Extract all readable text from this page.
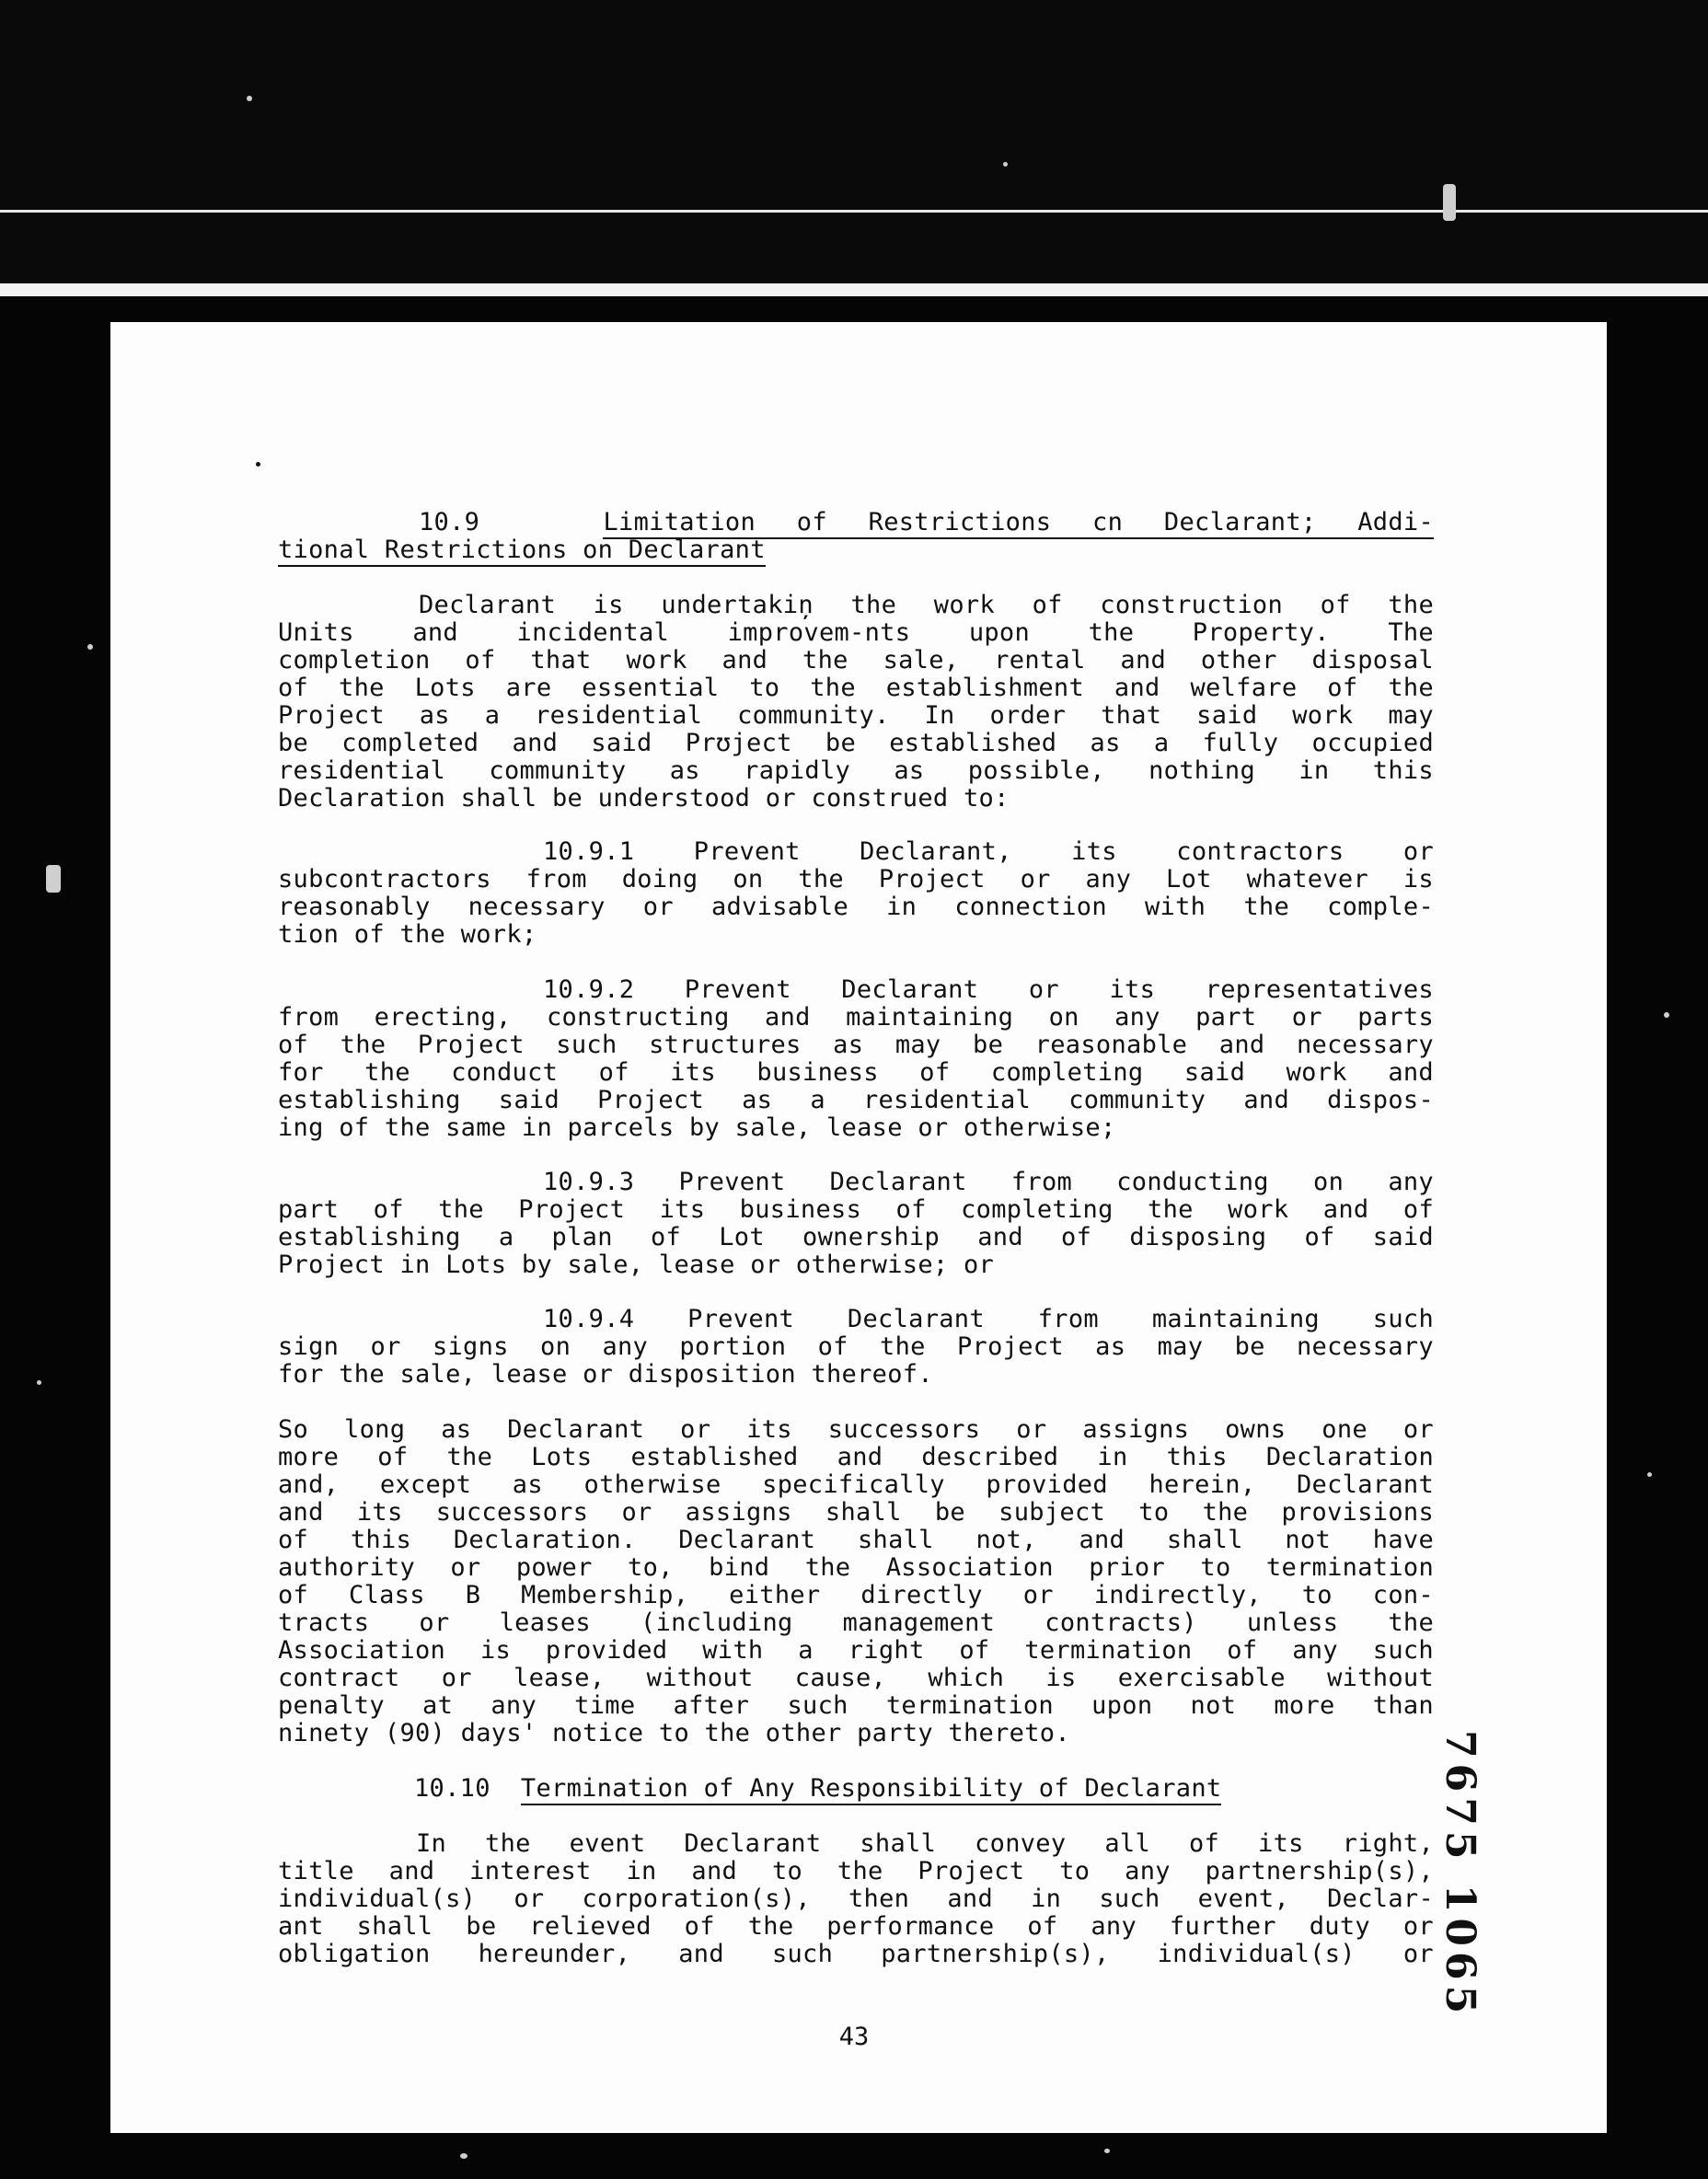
10.9	Limitation of Restrictions cn Declarant; Addi-
tional Restrictions on Declarant
Declarant is undertakiņ the work of construction of the
Units and incidental improvem‐nts upon the Property. The
completion of that work and the sale, rental and other disposal
of the Lots are essential to the establishment and welfare of the
Project as a residential community. In order that said work may
be completed and said Prʊject be established as a fully occupied
residential community as rapidly as possible, nothing in this
Declaration shall be understood or construed to:
10.9.1 Prevent Declarant, its contractors or
subcontractors from doing on the Project or any Lot whatever is
reasonably necessary or advisable in connection with the comple-
tion of the work;
10.9.2 Prevent Declarant or its representatives
from erecting, constructing and maintaining on any part or parts
of the Project such structures as may be reasonable and necessary
for the conduct of its business of completing said work and
establishing said Project as a residential community and dispos-
ing of the same in parcels by sale, lease or otherwise;
10.9.3 Prevent Declarant from conducting on any
part of the Project its business of completing the work and of
establishing a plan of Lot ownership and of disposing of said
Project in Lots by sale, lease or otherwise; or
10.9.4 Prevent Declarant from maintaining such
sign or signs on any portion of the Project as may be necessary
for the sale, lease or disposition thereof.
So long as Declarant or its successors or assigns owns one or
more of the Lots established and described in this Declaration
and, except as otherwise specifically provided herein, Declarant
and its successors or assigns shall be subject to the provisions
of this Declaration. Declarant shall not, and shall not have
authority or power to, bind the Association prior to termination
of Class B Membership, either directly or indirectly, to con-
tracts or leases (including management contracts) unless the
Association is provided with a right of termination of any such
contract or lease, without cause, which is exercisable without
penalty at any time after such termination upon not more than
ninety (90) days' notice to the other party thereto.
10.10 Termination of Any Responsibility of Declarant
In the event Declarant shall convey all of its right,
title and interest in and to the Project to any partnership(s),
individual(s) or corporation(s), then and in such event, Declar-
ant shall be relieved of the performance of any further duty or
obligation hereunder, and such partnership(s), individual(s) or
43
7675 1065
